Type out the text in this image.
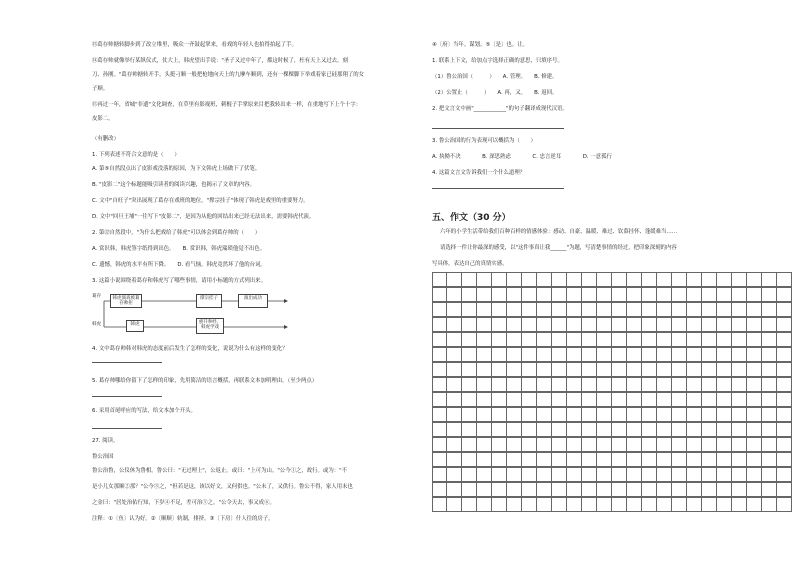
⑬葛存帅搪转脚步到了改立堆里，吸众一齐鼓起掌来，看戏的年轻人也拍得拍起了手。
⑭葛存帅就像举行某纵仪式，仗大上，韩虎望出手说："圣子又过中年了，都这时候了，枉有天上又过去。刻
刀、孙刚。"葛存帅搪转开手，头挺刁顺一般把枪地向天上的九摩车顺到，还有一棵棵脚下举戏着家已硅那翔了的女
子顺。
⑮再过一年，省城"非遗"文化调查，在草里有影视班，刺棍子手掌原来目把我转出来一样，在重地写下上个十字：
皮影二。
（有删改）
1. 下列表述不符合文意的是（　　）
A. 第⑤自然段点出了皮影戏没落的原因，为下文韩虎上场做下了伏笔。
B. "皮影二"这个标题能吸引读者的阅读兴趣，也揭示了文章的内容。
C. 文中"自旺子"突出展现了葛存在戏班的地位，"撑宗挂子"体现了韩虎是戏里的重要努力。
D. 文中"回旦王埔"一往写下"皮影二"，是因为从他的回结出来已经无法出来，需要韩虎代演。
2. 第⑫自然段中，"为什么把戏给了韩虎"可以体会到葛存帅的（　　）
A. 赏识韩，韩虎签字纸得到出色。　　B. 赏识韩，韩虎瑞琐他觉不出色。
C. 遗憾，韩虎的水平有所下降。　　D. 看气恼，韩虎竟然坏了他的台词。
3. 这篇小说围绕着葛存和韩虎写了哪些事情，请用小标题的方式列出来。
4. 文中葛存帅韩对韩虎的态度前后发生了怎样的变化，说说为什么有这样的变化？
5. 葛存帅哪给你留下了怎样的印象，先用简洁的语言概括，再联系文本加明理由。（至少两点）
6. 采用首尾呼应的写法，给文本加个开头。
27. 阅读。
鲁公治国
鲁公治鲁，公仪休为鲁相。鲁公曰："无过理上"，公返止。或曰："上可为山。"公今①之，故行。或为："不
是小儿女那顺②那？"公今③之，"但若是这，该以好文，又何供也。"公未了，又供行。鲁公不得，家人用末也
之金曰："居处治佑行知，下岁④不足，差可治⑤之。"公令天去，事又成⑥。
注释：①〔鱼〕认为好。②〔顺顺〕轨制，排挤。③〔下房〕什人往的房子。
葛存
韩虎
韩虎演戏被葛存帅拒
韩虎
撑宗挂子	演出成功
重开拳经，韩虎学戏
④〔府〕当年。谋划。⑤〔是〕也。让。
1. 联系上下文，给加点字选择正确的意思，只填序号。
（1）鲁公治国（　　　）　　A. 管理。　　B. 修建。
（2）公置止（　　　）　　A. 再，又。　　B. 返回。
2. 把文言文中画"____________"的句子翻译成现代汉语。
3. 鲁公治国的行为表现可以概括为（　　）
A. 执拗不决　　　　B. 深思熟虑　　　　C. 忠言逆耳　　　　D. 一意孤行
4. 这篇文言文告诉我们一个什么道理？
五、作文（30 分）
六年的小学生活带给我们百种百样的情感体验：感动、自豪、温暖、难过、钦慕挂怀、蓬缓难当……
请选择一件让你最深的感受，以"这件事真让我______"为题，写清楚事情的经过，把印象深刻的内容
写具体，表达自己的真情实感。
